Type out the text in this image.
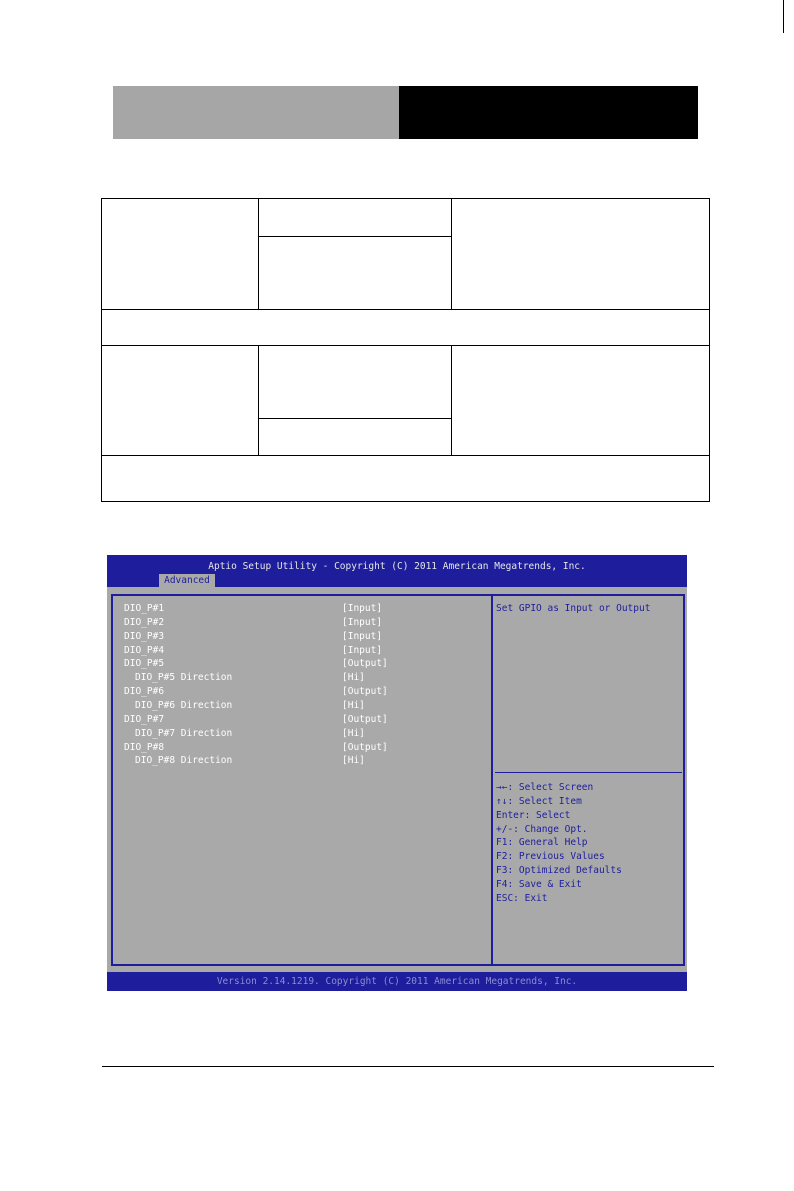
Aptio Setup Utility - Copyright (C) 2011 American Megatrends, Inc.
Advanced
DIO_P#1	[Input]
DIO_P#2	[Input]
DIO_P#3	[Input]
DIO_P#4	[Input]
DIO_P#5	[Output]
DIO_P#5 Direction	[Hi]
DIO_P#6	[Output]
DIO_P#6 Direction	[Hi]
DIO_P#7	[Output]
DIO_P#7 Direction	[Hi]
DIO_P#8	[Output]
DIO_P#8 Direction	[Hi]
Set GPIO as Input or Output
→←: Select Screen
↑↓: Select Item
Enter: Select
+/-: Change Opt.
F1: General Help
F2: Previous Values
F3: Optimized Defaults
F4: Save & Exit
ESC: Exit
Version 2.14.1219. Copyright (C) 2011 American Megatrends, Inc.
